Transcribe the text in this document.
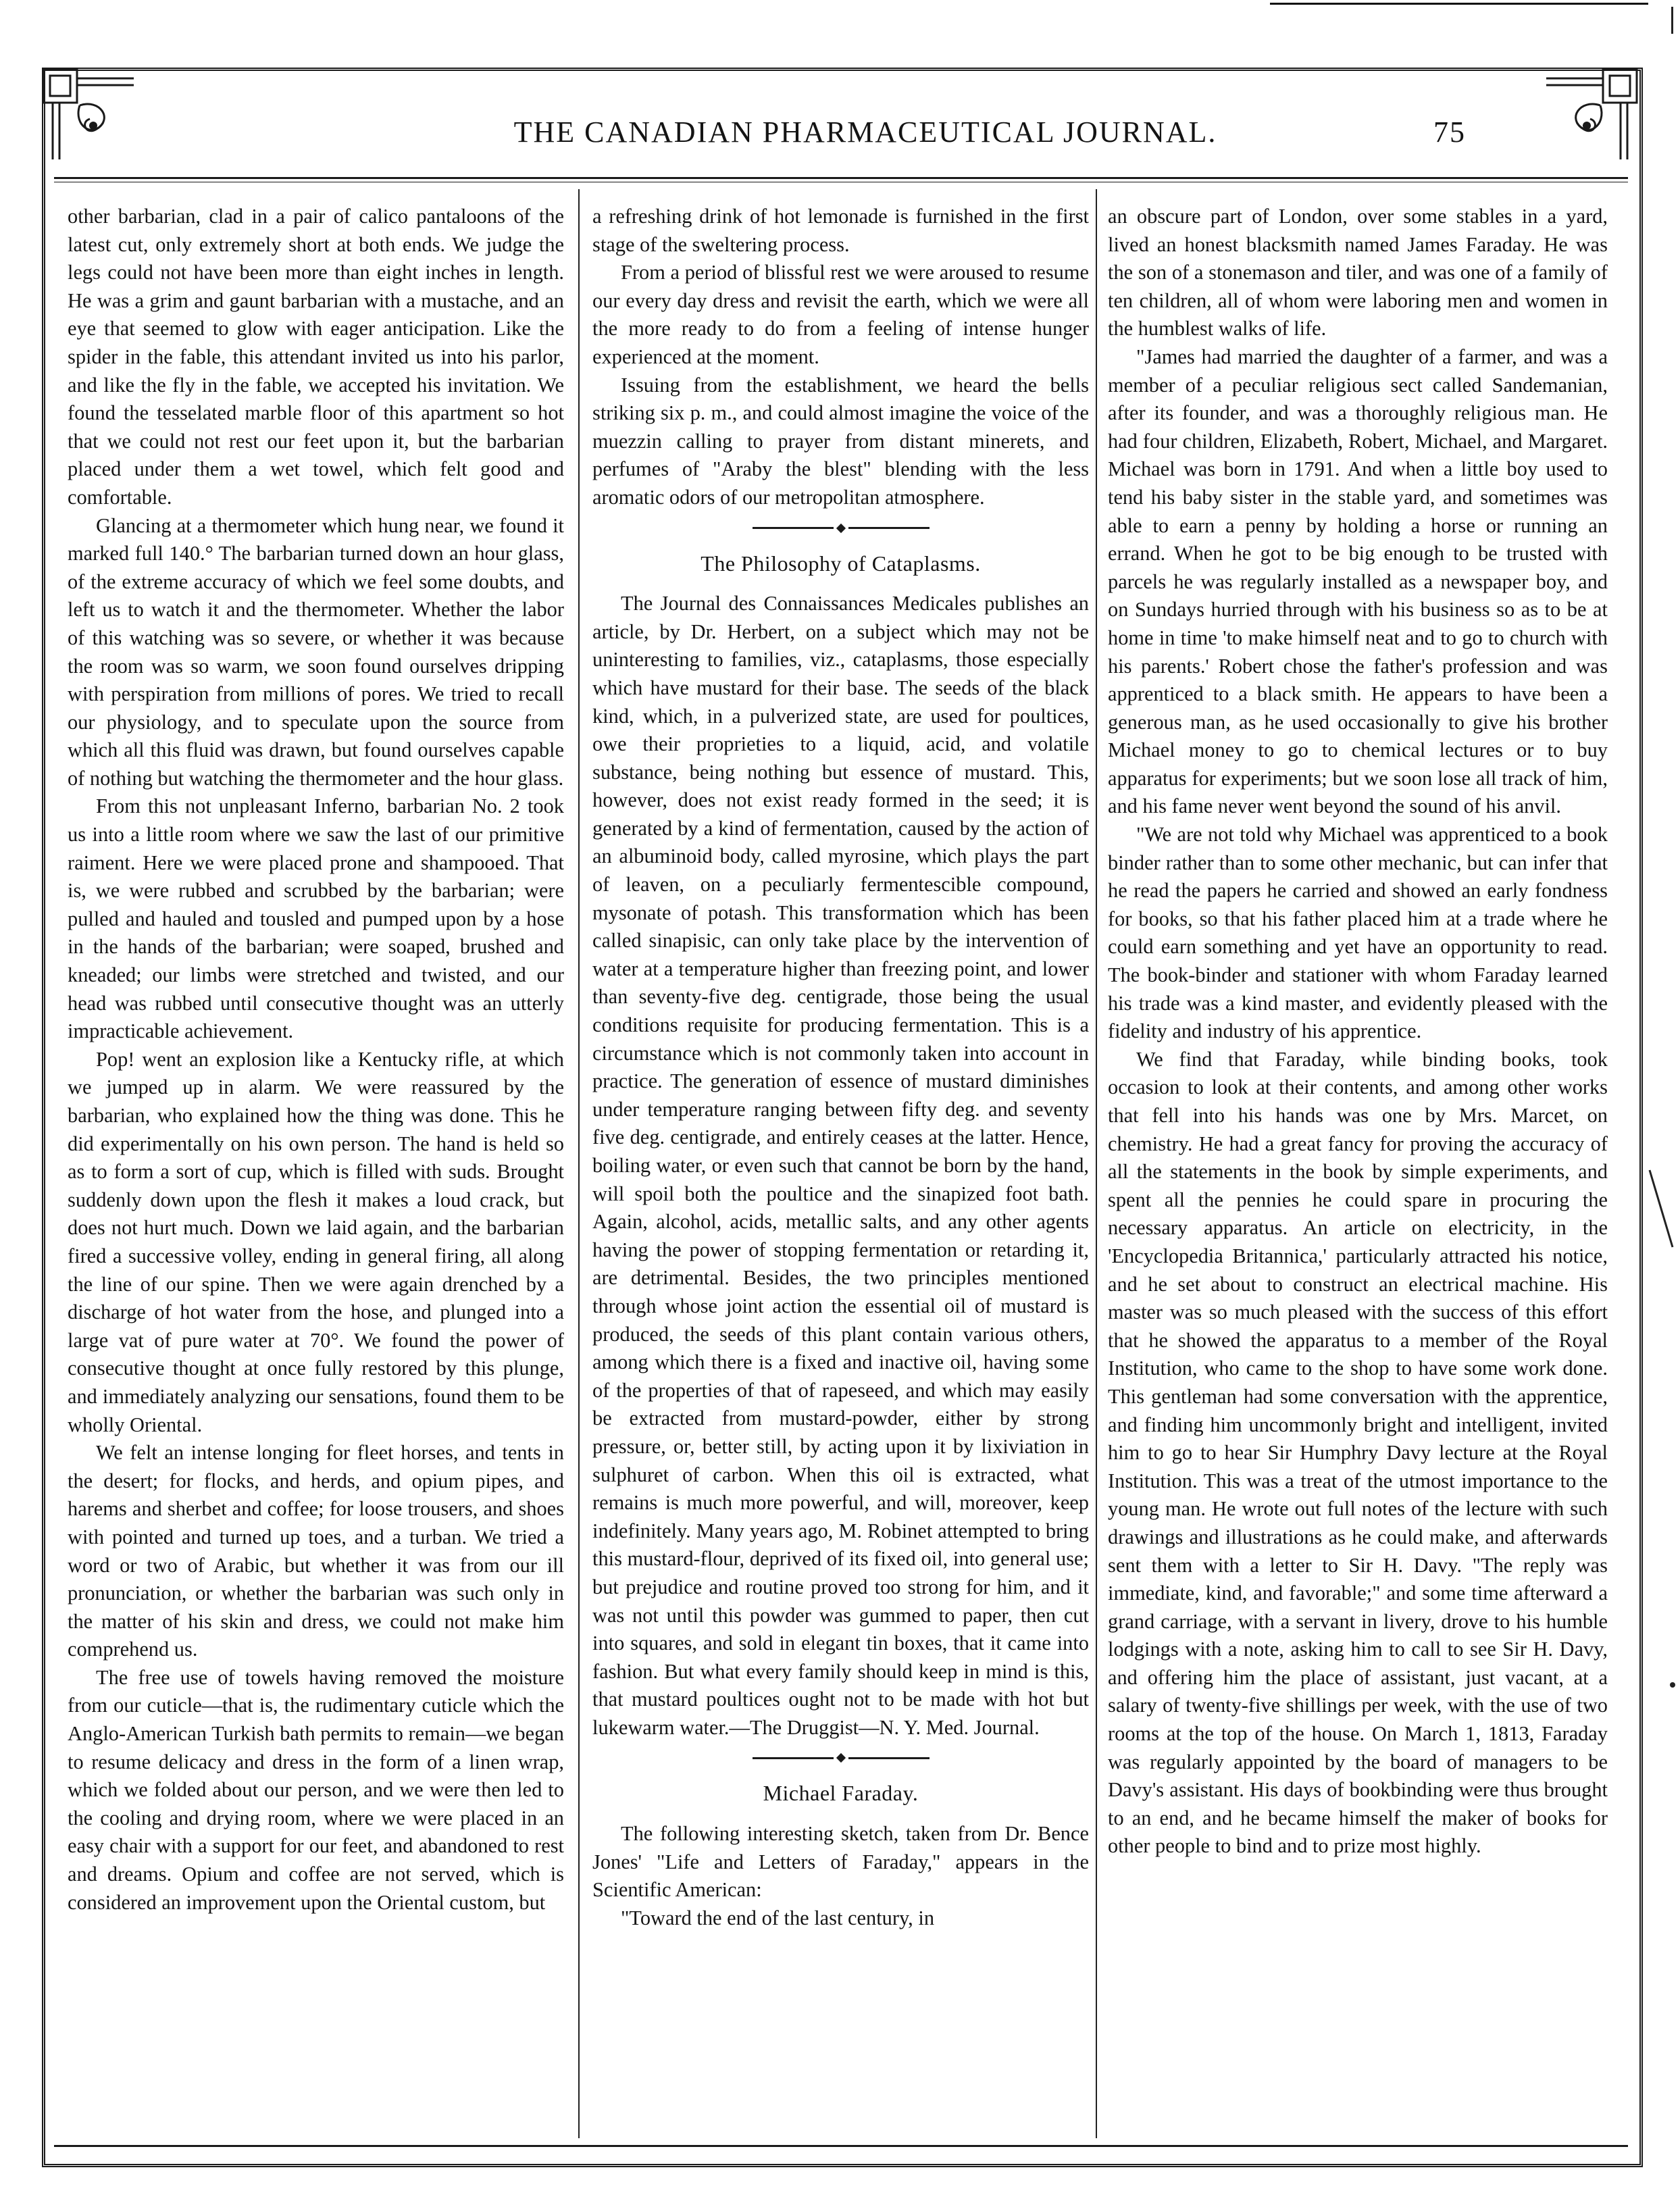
THE CANADIAN PHARMACEUTICAL JOURNAL.	75

other barbarian, clad in a pair of calico pantaloons of the latest cut, only extremely short at both ends. We judge the legs could not have been more than eight inches in length. He was a grim and gaunt barbarian with a mustache, and an eye that seemed to glow with eager anticipation. Like the spider in the fable, this attendant invited us into his parlor, and like the fly in the fable, we accepted his invitation. We found the tesselated marble floor of this apartment so hot that we could not rest our feet upon it, but the barbarian placed under them a wet towel, which felt good and comfortable.

Glancing at a thermometer which hung near, we found it marked full 140.° The barbarian turned down an hour glass, of the extreme accuracy of which we feel some doubts, and left us to watch it and the thermometer. Whether the labor of this watching was so severe, or whether it was because the room was so warm, we soon found ourselves dripping with perspiration from millions of pores. We tried to recall our physiology, and to speculate upon the source from which all this fluid was drawn, but found ourselves capable of nothing but watching the thermometer and the hour glass.

From this not unpleasant Inferno, barbarian No. 2 took us into a little room where we saw the last of our primitive raiment. Here we were placed prone and shampooed. That is, we were rubbed and scrubbed by the barbarian; were pulled and hauled and tousled and pumped upon by a hose in the hands of the barbarian; were soaped, brushed and kneaded; our limbs were stretched and twisted, and our head was rubbed until consecutive thought was an utterly impracticable achievement.

Pop! went an explosion like a Kentucky rifle, at which we jumped up in alarm. We were reassured by the barbarian, who explained how the thing was done. This he did experimentally on his own person. The hand is held so as to form a sort of cup, which is filled with suds. Brought suddenly down upon the flesh it makes a loud crack, but does not hurt much. Down we laid again, and the barbarian fired a successive volley, ending in general firing, all along the line of our spine. Then we were again drenched by a discharge of hot water from the hose, and plunged into a large vat of pure water at 70°. We found the power of consecutive thought at once fully restored by this plunge, and immediately analyzing our sensations, found them to be wholly Oriental.

We felt an intense longing for fleet horses, and tents in the desert; for flocks, and herds, and opium pipes, and harems and sherbet and coffee; for loose trousers, and shoes with pointed and turned up toes, and a turban. We tried a word or two of Arabic, but whether it was from our ill pronunciation, or whether the barbarian was such only in the matter of his skin and dress, we could not make him comprehend us.

The free use of towels having removed the moisture from our cuticle—that is, the rudimentary cuticle which the Anglo-American Turkish bath permits to remain—we began to resume delicacy and dress in the form of a linen wrap, which we folded about our person, and we were then led to the cooling and drying room, where we were placed in an easy chair with a support for our feet, and abandoned to rest and dreams. Opium and coffee are not served, which is considered an improvement upon the Oriental custom, but

a refreshing drink of hot lemonade is furnished in the first stage of the sweltering process.

From a period of blissful rest we were aroused to resume our every day dress and revisit the earth, which we were all the more ready to do from a feeling of intense hunger experienced at the moment.

Issuing from the establishment, we heard the bells striking six p. m., and could almost imagine the voice of the muezzin calling to prayer from distant minerets, and perfumes of "Araby the blest" blending with the less aromatic odors of our metropolitan atmosphere.

The Philosophy of Cataplasms.

The Journal des Connaissances Medicales publishes an article, by Dr. Herbert, on a subject which may not be uninteresting to families, viz., cataplasms, those especially which have mustard for their base. The seeds of the black kind, which, in a pulverized state, are used for poultices, owe their proprieties to a liquid, acid, and volatile substance, being nothing but essence of mustard. This, however, does not exist ready formed in the seed; it is generated by a kind of fermentation, caused by the action of an albuminoid body, called myrosine, which plays the part of leaven, on a peculiarly fermentescible compound, mysonate of potash. This transformation which has been called sinapisic, can only take place by the intervention of water at a temperature higher than freezing point, and lower than seventy-five deg. centigrade, those being the usual conditions requisite for producing fermentation. This is a circumstance which is not commonly taken into account in practice. The generation of essence of mustard diminishes under temperature ranging between fifty deg. and seventy five deg. centigrade, and entirely ceases at the latter. Hence, boiling water, or even such that cannot be born by the hand, will spoil both the poultice and the sinapized foot bath. Again, alcohol, acids, metallic salts, and any other agents having the power of stopping fermentation or retarding it, are detrimental. Besides, the two principles mentioned through whose joint action the essential oil of mustard is produced, the seeds of this plant contain various others, among which there is a fixed and inactive oil, having some of the properties of that of rapeseed, and which may easily be extracted from mustard-powder, either by strong pressure, or, better still, by acting upon it by lixiviation in sulphuret of carbon. When this oil is extracted, what remains is much more powerful, and will, moreover, keep indefinitely. Many years ago, M. Robinet attempted to bring this mustard-flour, deprived of its fixed oil, into general use; but prejudice and routine proved too strong for him, and it was not until this powder was gummed to paper, then cut into squares, and sold in elegant tin boxes, that it came into fashion. But what every family should keep in mind is this, that mustard poultices ought not to be made with hot but lukewarm water.—The Druggist—N. Y. Med. Journal.

Michael Faraday.

The following interesting sketch, taken from Dr. Bence Jones' "Life and Letters of Faraday," appears in the Scientific American:

"Toward the end of the last century, in

an obscure part of London, over some stables in a yard, lived an honest blacksmith named James Faraday. He was the son of a stonemason and tiler, and was one of a family of ten children, all of whom were laboring men and women in the humblest walks of life.

"James had married the daughter of a farmer, and was a member of a peculiar religious sect called Sandemanian, after its founder, and was a thoroughly religious man. He had four children, Elizabeth, Robert, Michael, and Margaret. Michael was born in 1791. And when a little boy used to tend his baby sister in the stable yard, and sometimes was able to earn a penny by holding a horse or running an errand. When he got to be big enough to be trusted with parcels he was regularly installed as a newspaper boy, and on Sundays hurried through with his business so as to be at home in time 'to make himself neat and to go to church with his parents.' Robert chose the father's profession and was apprenticed to a black smith. He appears to have been a generous man, as he used occasionally to give his brother Michael money to go to chemical lectures or to buy apparatus for experiments; but we soon lose all track of him, and his fame never went beyond the sound of his anvil.

"We are not told why Michael was apprenticed to a book binder rather than to some other mechanic, but can infer that he read the papers he carried and showed an early fondness for books, so that his father placed him at a trade where he could earn something and yet have an opportunity to read. The book-binder and stationer with whom Faraday learned his trade was a kind master, and evidently pleased with the fidelity and industry of his apprentice.

We find that Faraday, while binding books, took occasion to look at their contents, and among other works that fell into his hands was one by Mrs. Marcet, on chemistry. He had a great fancy for proving the accuracy of all the statements in the book by simple experiments, and spent all the pennies he could spare in procuring the necessary apparatus. An article on electricity, in the 'Encyclopedia Britannica,' particularly attracted his notice, and he set about to construct an electrical machine. His master was so much pleased with the success of this effort that he showed the apparatus to a member of the Royal Institution, who came to the shop to have some work done. This gentleman had some conversation with the apprentice, and finding him uncommonly bright and intelligent, invited him to go to hear Sir Humphry Davy lecture at the Royal Institution. This was a treat of the utmost importance to the young man. He wrote out full notes of the lecture with such drawings and illustrations as he could make, and afterwards sent them with a letter to Sir H. Davy. "The reply was immediate, kind, and favorable;" and some time afterward a grand carriage, with a servant in livery, drove to his humble lodgings with a note, asking him to call to see Sir H. Davy, and offering him the place of assistant, just vacant, at a salary of twenty-five shillings per week, with the use of two rooms at the top of the house. On March 1, 1813, Faraday was regularly appointed by the board of managers to be Davy's assistant. His days of bookbinding were thus brought to an end, and he became himself the maker of books for other people to bind and to prize most highly.
